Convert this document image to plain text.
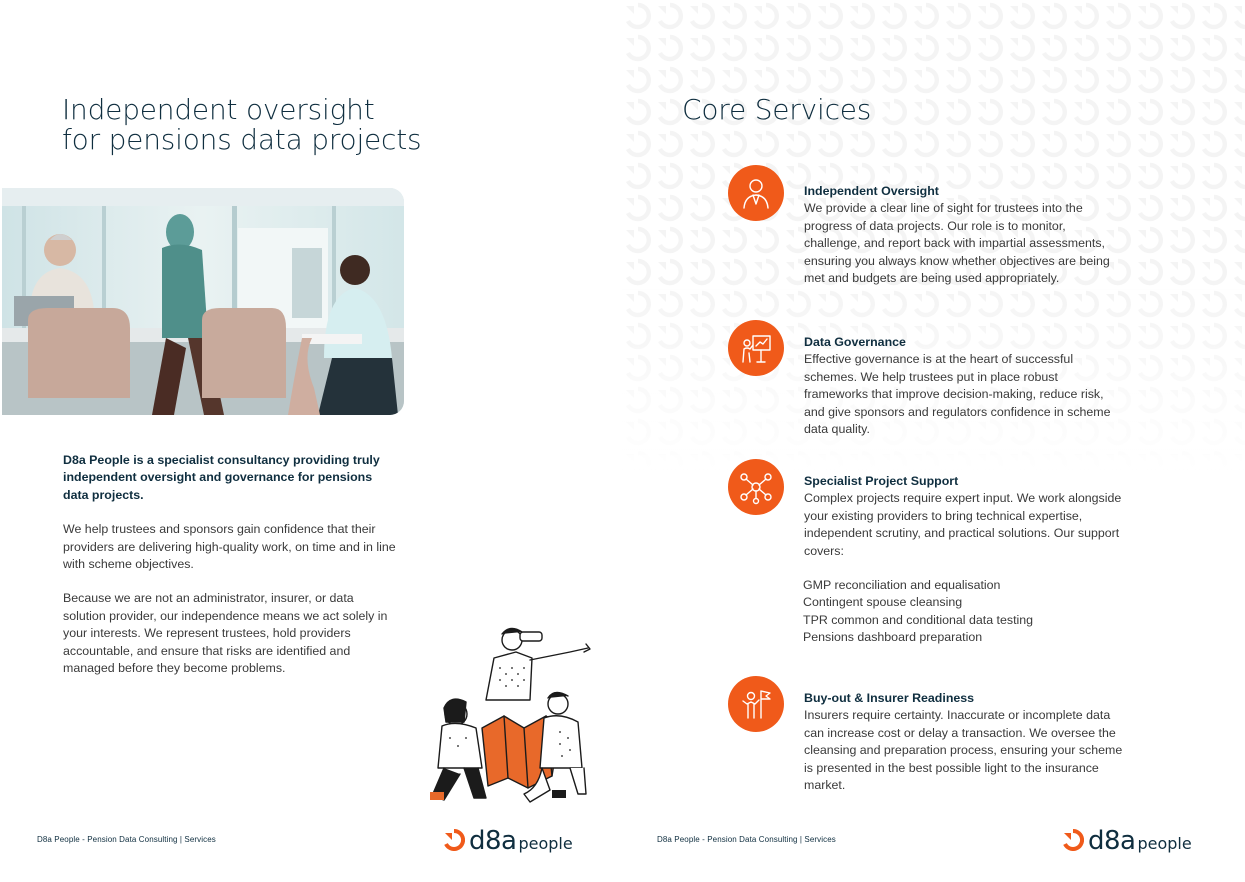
Independent oversight
for pensions data projects

D8a People is a specialist consultancy providing truly independent oversight and governance for pensions data projects.

We help trustees and sponsors gain confidence that their providers are delivering high-quality work, on time and in line with scheme objectives.

Because we are not an administrator, insurer, or data solution provider, our independence means we act solely in your interests. We represent trustees, hold providers accountable, and ensure that risks are identified and managed before they become problems.

D8a People - Pension Data Consulting | Services	d8a people
Core Services
Independent Oversight
We provide a clear line of sight for trustees into the progress of data projects. Our role is to monitor, challenge, and report back with impartial assessments, ensuring you always know whether objectives are being met and budgets are being used appropriately.
Data Governance
Effective governance is at the heart of successful schemes. We help trustees put in place robust frameworks that improve decision-making, reduce risk, and give sponsors and regulators confidence in scheme data quality.
Specialist Project Support
Complex projects require expert input. We work alongside your existing providers to bring technical expertise, independent scrutiny, and practical solutions. Our support covers:
GMP reconciliation and equalisation
Contingent spouse cleansing
TPR common and conditional data testing
Pensions dashboard preparation
Buy-out & Insurer Readiness
Insurers require certainty. Inaccurate or incomplete data can increase cost or delay a transaction. We oversee the cleansing and preparation process, ensuring your scheme is presented in the best possible light to the insurance market.
D8a People - Pension Data Consulting | Services	d8a people
